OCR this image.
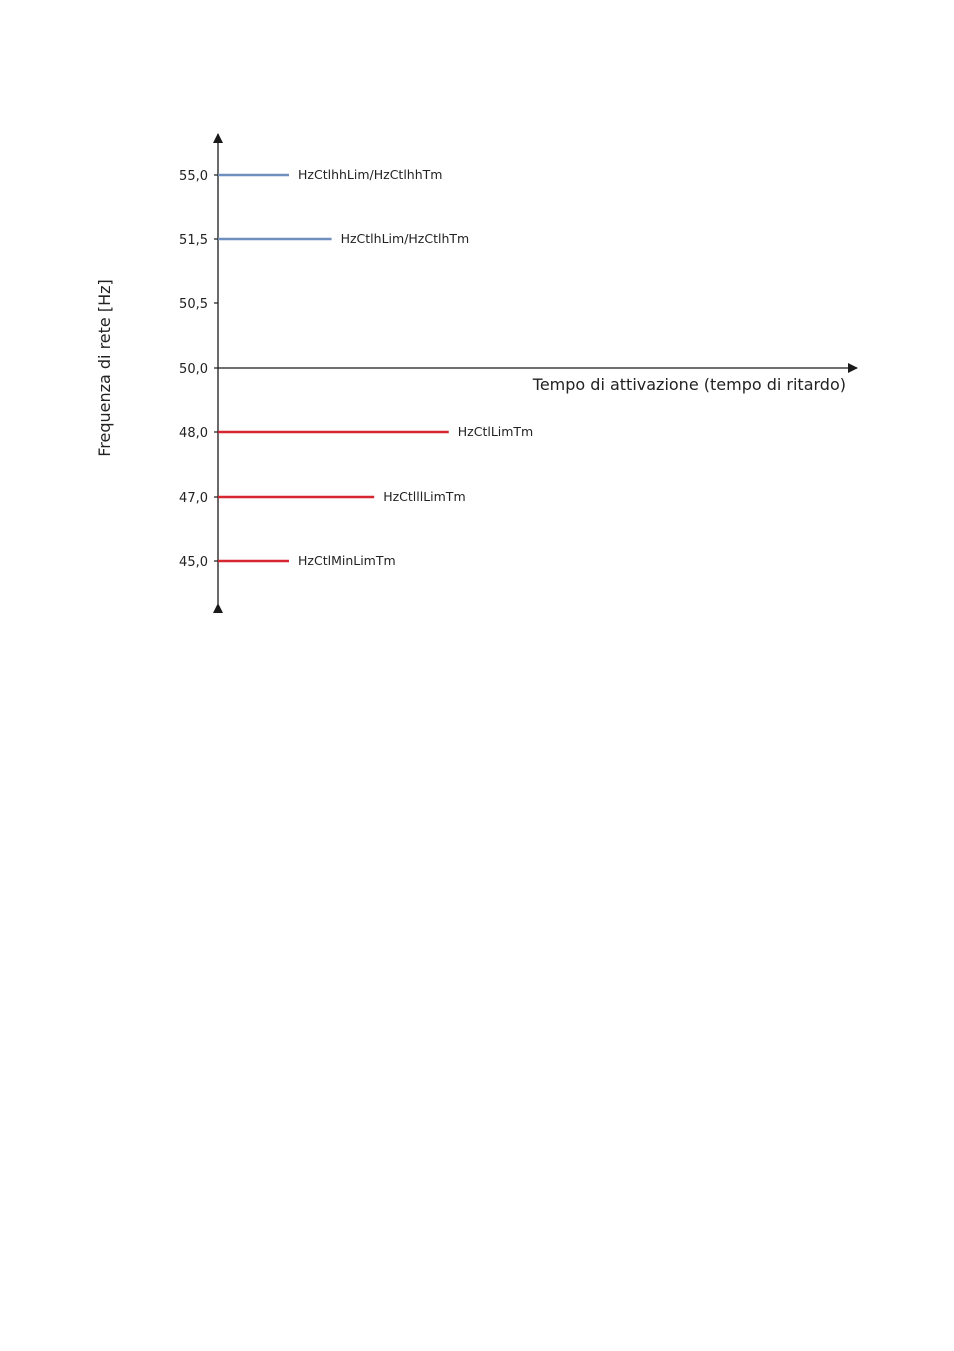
Frequenza di rete [Hz]	Tempo di attivazione (tempo di ritardo)
55,0
51,5
50,5
50,0
48,0
47,0
45,0
HzCtlhhLim/HzCtlhhTm
HzCtlhLim/HzCtlhTm
HzCtlLimTm
HzCtlllLimTm
HzCtlMinLimTm
